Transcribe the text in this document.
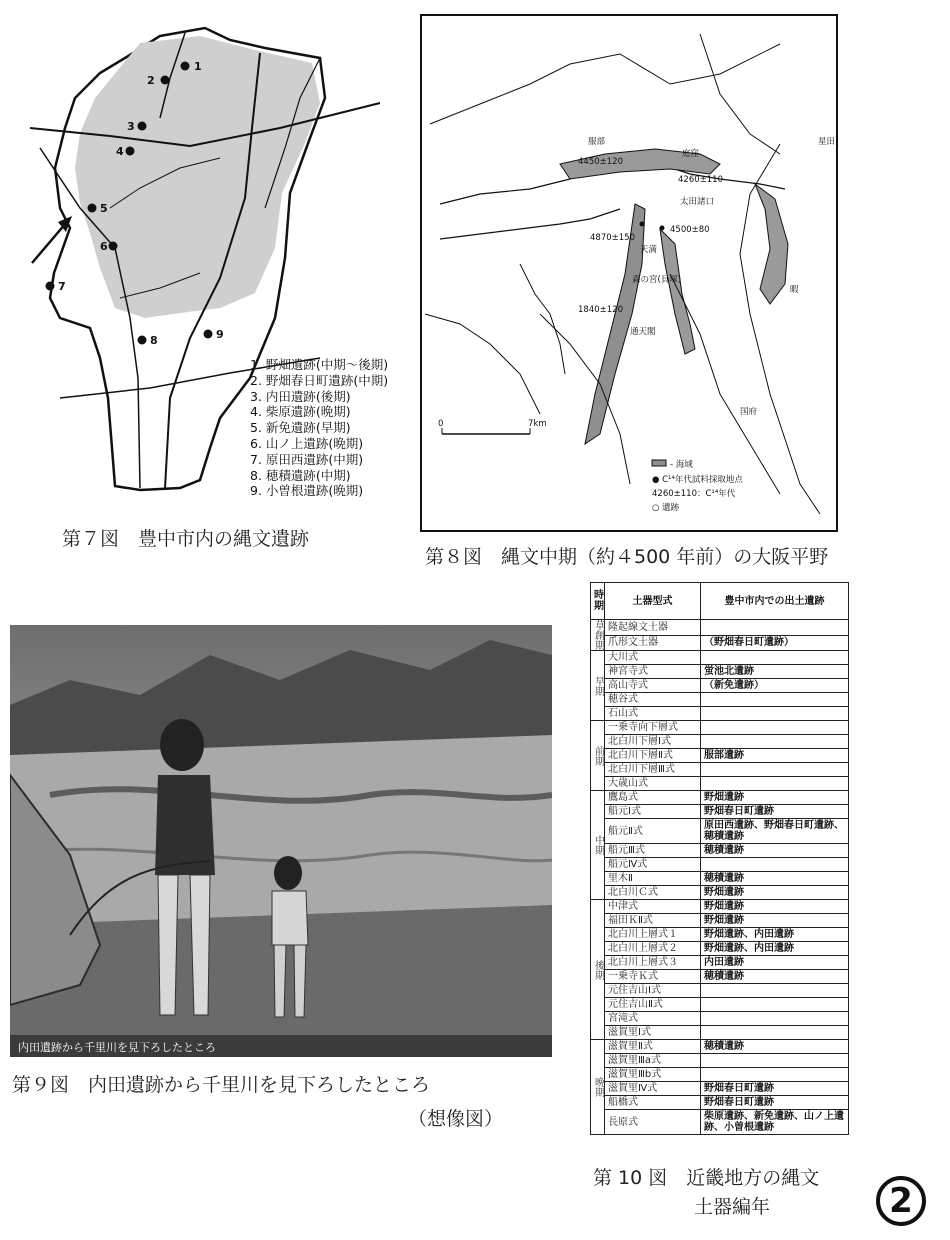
1
2
3
4
5
6
7
8	9
1. 野畑遺跡(中期～後期)
2. 野畑春日町遺跡(中期)
3. 内田遺跡(後期)
4. 柴原遺跡(晩期)
5. 新免遺跡(早期)
6. 山ノ上遺跡(晩期)
7. 原田西遺跡(中期)
8. 穂積遺跡(中期)
9. 小曽根遺跡(晩期)
第７図　豊中市内の縄文遺跡
0	7km
4450±120
4260±110
4500±80
4870±150
1840±120
服部
庭窪
星田
森の宮(貝塚)
天満
通天閣
太田諸口
国府
暇
- 海域
● C¹⁴年代試料採取地点
4260±110：C¹⁴年代
○ 遺跡
第８図　縄文中期（約４500 年前）の大阪平野
内田遺跡から千里川を見下ろしたところ
第９図　内田遺跡から千里川を見下ろしたところ
（想像図）
時期	土器型式	豊中市内での出土遺跡
草創期	隆起線文土器	
	爪形文土器	（野畑春日町遺跡）
早期	大川式	
	神宮寺式	蛍池北遺跡
	高山寺式	（新免遺跡）
	穂谷式	
	石山式	
前期	一乗寺向下層式	
	北白川下層Ⅰ式	
	北白川下層Ⅱ式	服部遺跡
	北白川下層Ⅲ式	
	大歳山式	
中期	鷹島式	野畑遺跡
	船元Ⅰ式	野畑春日町遺跡
	船元Ⅱ式	原田西遺跡、野畑春日町遺跡、穂積遺跡
	船元Ⅲ式	穂積遺跡
	船元Ⅳ式	
	里木Ⅱ	穂積遺跡
	北白川Ｃ式	野畑遺跡
後期	中津式	野畑遺跡
	福田ＫⅡ式	野畑遺跡
	北白川上層式１	野畑遺跡、内田遺跡
	北白川上層式２	野畑遺跡、内田遺跡
	北白川上層式３	内田遺跡
	一乗寺Ｋ式	穂積遺跡
	元住吉山Ⅰ式	
	元住吉山Ⅱ式	
	宮滝式	
	滋賀里Ⅰ式	
晩期	滋賀里Ⅱ式	穂積遺跡
	滋賀里Ⅲa式	
	滋賀里Ⅲb式	
	滋賀里Ⅳ式	野畑春日町遺跡
	船橋式	野畑春日町遺跡
	長原式	柴原遺跡、新免遺跡、山ノ上遺跡、小曽根遺跡
第 10 図　近畿地方の縄文
土器編年	2
